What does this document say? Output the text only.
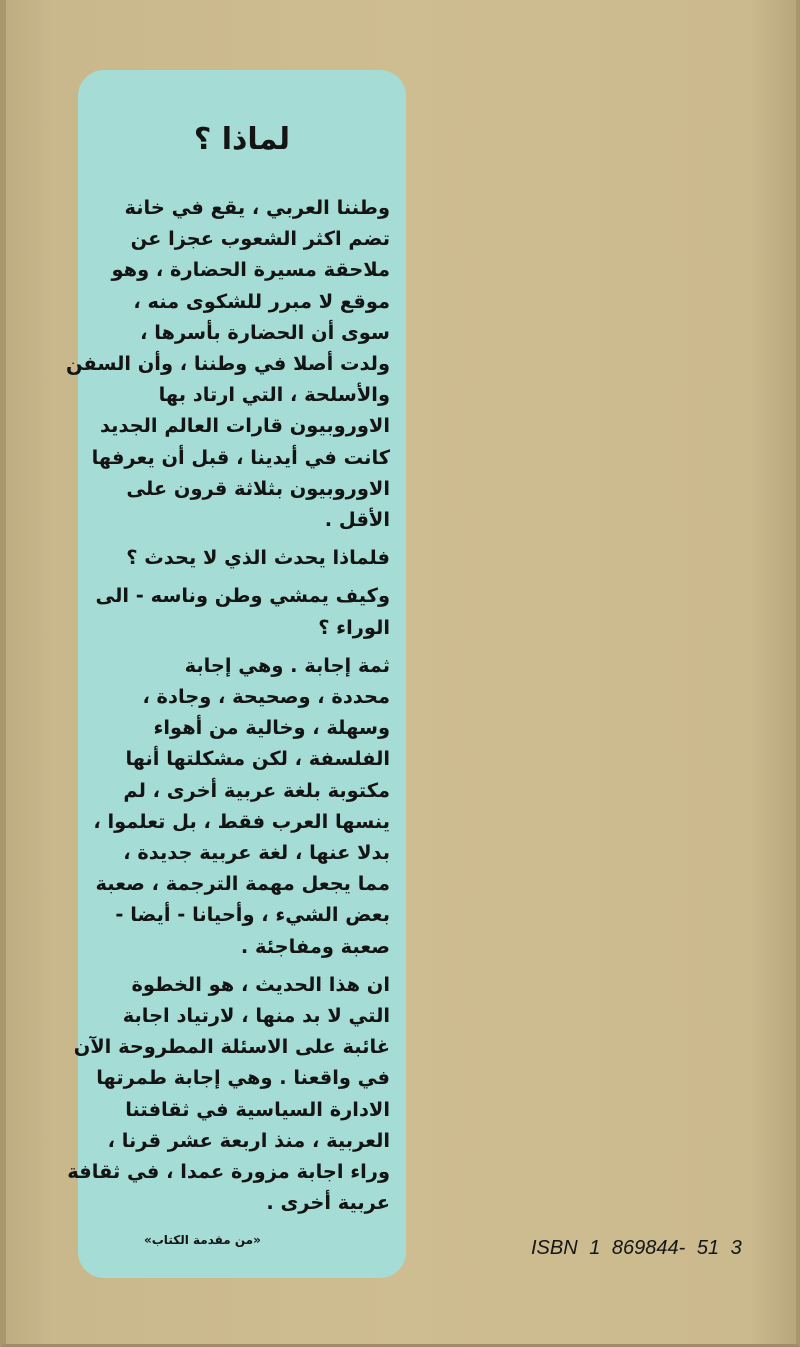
لماذا ؟
وطننا العربي ، يقع في خانة
تضم اكثر الشعوب عجزا عن
ملاحقة مسيرة الحضارة ، وهو
موقع لا مبرر للشكوى منه ،
سوى أن الحضارة بأسرها ،
ولدت أصلا في وطننا ، وأن السفن
والأسلحة ، التي ارتاد بها
الاوروبيون قارات العالم الجديد
كانت في أيدينا ، قبل أن يعرفها
الاوروبيون بثلاثة قرون على
الأقل .
فلماذا يحدث الذي لا يحدث ؟
وكيف يمشي وطن وناسه - الى
الوراء ؟
ثمة إجابة . وهي إجابة
محددة ، وصحيحة ، وجادة ،
وسهلة ، وخالية من أهواء
الفلسفة ، لكن مشكلتها أنها
مكتوبة بلغة عربية أخرى ، لم
ينسها العرب فقط ، بل تعلموا ،
بدلا عنها ، لغة عربية جديدة ،
مما يجعل مهمة الترجمة ، صعبة
بعض الشيء ، وأحيانا - أيضا -
صعبة ومفاجئة .
ان هذا الحديث ، هو الخطوة
التي لا بد منها ، لارتياد اجابة
غائبة على الاسئلة المطروحة الآن
في واقعنا . وهي إجابة طمرتها
الادارة السياسية في ثقافتنا
العربية ، منذ اربعة عشر قرنا ،
وراء اجابة مزورة عمدا ، في ثقافة
عربية أخرى .
«من مقدمة الكتاب»	ISBN 1 869844- 51 3
